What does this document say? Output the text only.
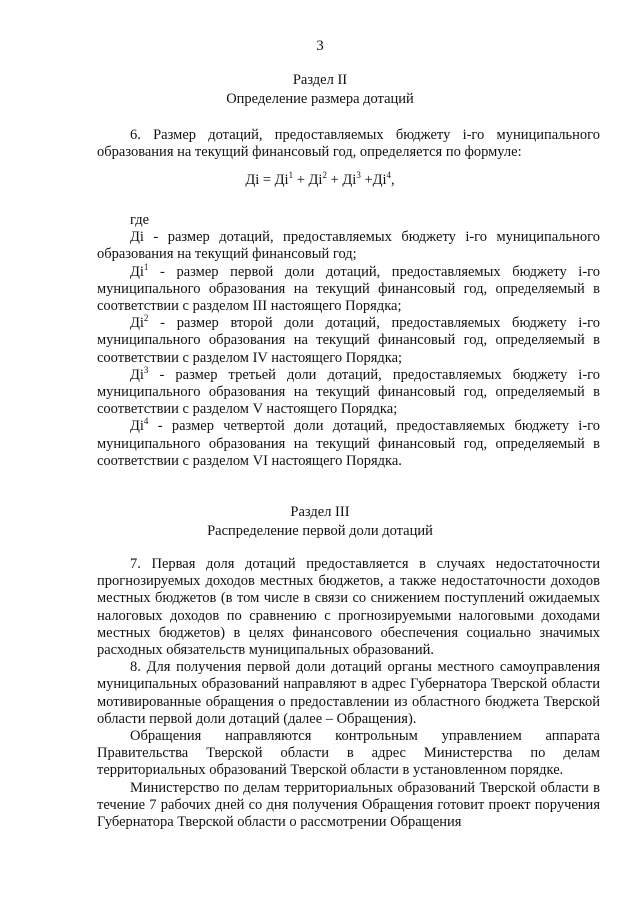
3
Раздел II
Определение размера дотаций

6. Размер дотаций, предоставляемых бюджету i-го муниципального образования на текущий финансовый год, определяется по формуле:

Дi = $Дi^1 + Дi^2 + Дi^3 +Дi^4$,

где

Дi - размер дотаций, предоставляемых бюджету i-го муниципального образования на текущий финансовый год;

$Дi^1$ - размер первой доли дотаций, предоставляемых бюджету i-го муниципального образования на текущий финансовый год, определяемый в соответствии с разделом III настоящего Порядка;

$Дi^2$ - размер второй доли дотаций, предоставляемых бюджету i-го муниципального образования на текущий финансовый год, определяемый в соответствии с разделом IV настоящего Порядка;

$Дi^3$ - размер третьей доли дотаций, предоставляемых бюджету i-го муниципального образования на текущий финансовый год, определяемый в соответствии с разделом V настоящего Порядка;

$Дi^4$ - размер четвертой доли дотаций, предоставляемых бюджету i-го муниципального образования на текущий финансовый год, определяемый в соответствии с разделом VI настоящего Порядка.

Раздел III
Распределение первой доли дотаций

7. Первая доля дотаций предоставляется в случаях недостаточности прогнозируемых доходов местных бюджетов, а также недостаточности доходов местных бюджетов (в том числе в связи со снижением поступлений ожидаемых налоговых доходов по сравнению с прогнозируемыми налоговыми доходами местных бюджетов) в целях финансового обеспечения социально значимых расходных обязательств муниципальных образований.

8. Для получения первой доли дотаций органы местного самоуправления муниципальных образований направляют в адрес Губернатора Тверской области мотивированные обращения о предоставлении из областного бюджета Тверской области первой доли дотаций (далее – Обращения).

Обращения направляются контрольным управлением аппарата Правительства Тверской области в адрес Министерства по делам территориальных образований Тверской области в установленном порядке.

Министерство по делам территориальных образований Тверской области в течение 7 рабочих дней со дня получения Обращения готовит проект поручения Губернатора Тверской области о рассмотрении Обращения
